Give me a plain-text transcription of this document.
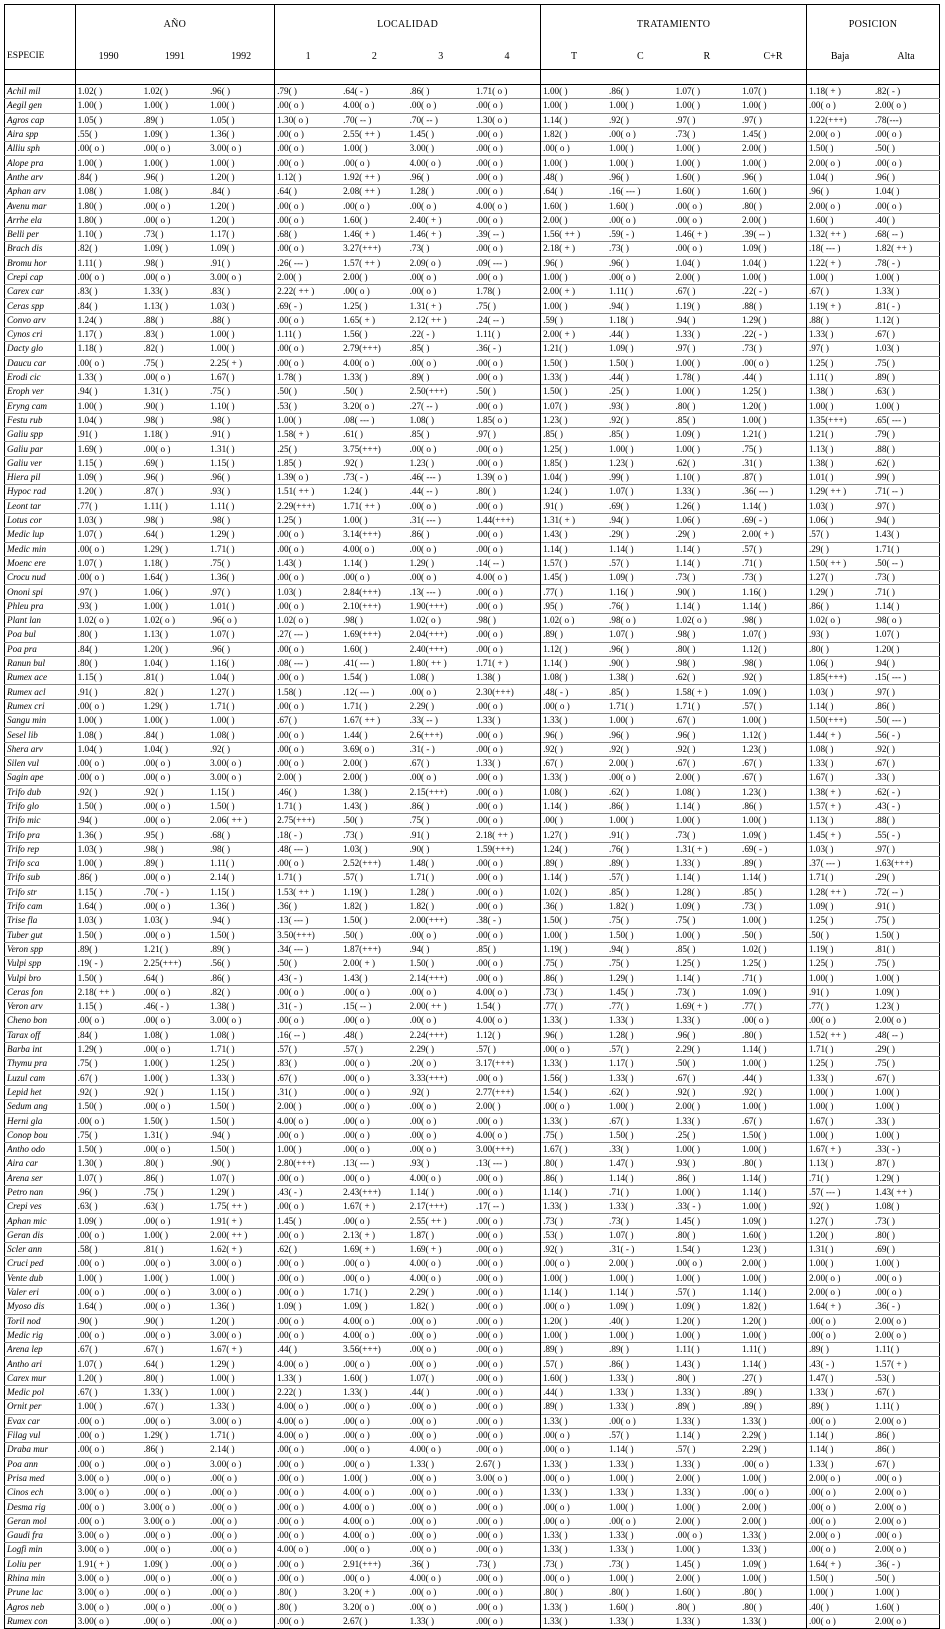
	AÑO			LOCALIDAD				TRATAMIENTO				POSICION	
ESPECIE	1990	1991	1992	1	2	3	4	T	C	R	C+R	Baja	Alta

Achil mil	1.02( )	1.02( )	.96( )	.79( )	.64( - )	.86( )	1.71( o )	1.00( )	.86( )	1.07( )	1.07( )	1.18( + )	.82( - )
Aegil gen	1.00( )	1.00( )	1.00( )	.00( o )	4.00( o )	.00( o )	.00( o )	1.00( )	1.00( )	1.00( )	1.00( )	.00( o )	2.00( o )
Agros cap	1.05( )	.89( )	1.05( )	1.30( o )	.70( -- )	.70( -- )	1.30( o )	1.14( )	.92( )	.97( )	.97( )	1.22(+++)	.78(---)
Aira spp	.55( )	1.09( )	1.36( )	.00( o )	2.55( ++ )	1.45( )	.00( o )	1.82( )	.00( o )	.73( )	1.45( )	2.00( o )	.00( o )
Alliu sph	.00( o )	.00( o )	3.00( o )	.00( o )	1.00( )	3.00( )	.00( o )	.00( o )	1.00( )	1.00( )	2.00( )	1.50( )	.50( )
Alope pra	1.00( )	1.00( )	1.00( )	.00( o )	.00( o )	4.00( o )	.00( o )	1.00( )	1.00( )	1.00( )	1.00( )	2.00( o )	.00( o )
Anthe arv	.84( )	.96( )	1.20( )	1.12( )	1.92( ++ )	.96( )	.00( o )	.48( )	.96( )	1.60( )	.96( )	1.04( )	.96( )
Aphan arv	1.08( )	1.08( )	.84( )	.64( )	2.08( ++ )	1.28( )	.00( o )	.64( )	.16( --- )	1.60( )	1.60( )	.96( )	1.04( )
Avenu mar	1.80( )	.00( o )	1.20( )	.00( o )	.00( o )	.00( o )	4.00( o )	1.60( )	1.60( )	.00( o )	.80( )	2.00( o )	.00( o )
Arrhe ela	1.80( )	.00( o )	1.20( )	.00( o )	1.60( )	2.40( + )	.00( o )	2.00( )	.00( o )	.00( o )	2.00( )	1.60( )	.40( )
Belli per	1.10( )	.73( )	1.17( )	.68( )	1.46( + )	1.46( + )	.39( -- )	1.56( ++ )	.59( - )	1.46( + )	.39( -- )	1.32( ++ )	.68( -- )
Brach dis	.82( )	1.09( )	1.09( )	.00( o )	3.27(+++)	.73( )	.00( o )	2.18( + )	.73( )	.00( o )	1.09( )	.18( --- )	1.82( ++ )
Bromu hor	1.11( )	.98( )	.91( )	.26( --- )	1.57( ++ )	2.09( o )	.09( --- )	.96( )	.96( )	1.04( )	1.04( )	1.22( + )	.78( - )
Crepi cap	.00( o )	.00( o )	3.00( o )	2.00( )	2.00( )	.00( o )	.00( o )	1.00( )	.00( o )	2.00( )	1.00( )	1.00( )	1.00( )
Carex car	.83( )	1.33( )	.83( )	2.22( ++ )	.00( o )	.00( o )	1.78( )	2.00( + )	1.11( )	.67( )	.22( - )	.67( )	1.33( )
Ceras spp	.84( )	1.13( )	1.03( )	.69( - )	1.25( )	1.31( + )	.75( )	1.00( )	.94( )	1.19( )	.88( )	1.19( + )	.81( - )
Convo arv	1.24( )	.88( )	.88( )	.00( o )	1.65( + )	2.12( ++ )	.24( -- )	.59( )	1.18( )	.94( )	1.29( )	.88( )	1.12( )
Cynos cri	1.17( )	.83( )	1.00( )	1.11( )	1.56( )	.22( - )	1.11( )	2.00( + )	.44( )	1.33( )	.22( - )	1.33( )	.67( )
Dacty glo	1.18( )	.82( )	1.00( )	.00( o )	2.79(+++)	.85( )	.36( - )	1.21( )	1.09( )	.97( )	.73( )	.97( )	1.03( )
Daucu car	.00( o )	.75( )	2.25( + )	.00( o )	4.00( o )	.00( o )	.00( o )	1.50( )	1.50( )	1.00( )	.00( o )	1.25( )	.75( )
Erodi cic	1.33( )	.00( o )	1.67( )	1.78( )	1.33( )	.89( )	.00( o )	1.33( )	.44( )	1.78( )	.44( )	1.11( )	.89( )
Eroph ver	.94( )	1.31( )	.75( )	.50( )	.50( )	2.50(+++)	.50( )	1.50( )	.25( )	1.00( )	1.25( )	1.38( )	.63( )
Eryng cam	1.00( )	.90( )	1.10( )	.53( )	3.20( o )	.27( -- )	.00( o )	1.07( )	.93( )	.80( )	1.20( )	1.00( )	1.00( )
Festu rub	1.04( )	.98( )	.98( )	1.00( )	.08( --- )	1.08( )	1.85( o )	1.23( )	.92( )	.85( )	1.00( )	1.35(+++)	.65( --- )
Galiu spp	.91( )	1.18( )	.91( )	1.58( + )	.61( )	.85( )	.97( )	.85( )	.85( )	1.09( )	1.21( )	1.21( )	.79( )
Galiu par	1.69( )	.00( o )	1.31( )	.25( )	3.75(+++)	.00( o )	.00( o )	1.25( )	1.00( )	1.00( )	.75( )	1.13( )	.88( )
Galiu ver	1.15( )	.69( )	1.15( )	1.85( )	.92( )	1.23( )	.00( o )	1.85( )	1.23( )	.62( )	.31( )	1.38( )	.62( )
Hiera pil	1.09( )	.96( )	.96( )	1.39( o )	.73( - )	.46( --- )	1.39( o )	1.04( )	.99( )	1.10( )	.87( )	1.01( )	.99( )
Hypoc rad	1.20( )	.87( )	.93( )	1.51( ++ )	1.24( )	.44( -- )	.80( )	1.24( )	1.07( )	1.33( )	.36( --- )	1.29( ++ )	.71( -- )
Leont tar	.77( )	1.11( )	1.11( )	2.29(+++)	1.71( ++ )	.00( o )	.00( o )	.91( )	.69( )	1.26( )	1.14( )	1.03( )	.97( )
Lotus cor	1.03( )	.98( )	.98( )	1.25( )	1.00( )	.31( --- )	1.44(+++)	1.31( + )	.94( )	1.06( )	.69( - )	1.06( )	.94( )
Medic lup	1.07( )	.64( )	1.29( )	.00( o )	3.14(+++)	.86( )	.00( o )	1.43( )	.29( )	.29( )	2.00( + )	.57( )	1.43( )
Medic min	.00( o )	1.29( )	1.71( )	.00( o )	4.00( o )	.00( o )	.00( o )	1.14( )	1.14( )	1.14( )	.57( )	.29( )	1.71( )
Moenc ere	1.07( )	1.18( )	.75( )	1.43( )	1.14( )	1.29( )	.14( -- )	1.57( )	.57( )	1.14( )	.71( )	1.50( ++ )	.50( -- )
Crocu nud	.00( o )	1.64( )	1.36( )	.00( o )	.00( o )	.00( o )	4.00( o )	1.45( )	1.09( )	.73( )	.73( )	1.27( )	.73( )
Ononi spi	.97( )	1.06( )	.97( )	1.03( )	2.84(+++)	.13( --- )	.00( o )	.77( )	1.16( )	.90( )	1.16( )	1.29( )	.71( )
Phleu pra	.93( )	1.00( )	1.01( )	.00( o )	2.10(+++)	1.90(+++)	.00( o )	.95( )	.76( )	1.14( )	1.14( )	.86( )	1.14( )
Plant lan	1.02( o )	1.02( o )	.96( o )	1.02( o )	.98( )	1.02( o )	.98( )	1.02( o )	.98( o )	1.02( o )	.98( )	1.02( o )	.98( o )
Poa bul	.80( )	1.13( )	1.07( )	.27( --- )	1.69(+++)	2.04(+++)	.00( o )	.89( )	1.07( )	.98( )	1.07( )	.93( )	1.07( )
Poa pra	.84( )	1.20( )	.96( )	.00( o )	1.60( )	2.40(+++)	.00( o )	1.12( )	.96( )	.80( )	1.12( )	.80( )	1.20( )
Ranun bul	.80( )	1.04( )	1.16( )	.08( --- )	.41( --- )	1.80( ++ )	1.71( + )	1.14( )	.90( )	.98( )	.98( )	1.06( )	.94( )
Rumex ace	1.15( )	.81( )	1.04( )	.00( o )	1.54( )	1.08( )	1.38( )	1.08( )	1.38( )	.62( )	.92( )	1.85(+++)	.15( --- )
Rumex acl	.91( )	.82( )	1.27( )	1.58( )	.12( --- )	.00( o )	2.30(+++)	.48( - )	.85( )	1.58( + )	1.09( )	1.03( )	.97( )
Rumex cri	.00( o )	1.29( )	1.71( )	.00( o )	1.71( )	2.29( )	.00( o )	.00( o )	1.71( )	1.71( )	.57( )	1.14( )	.86( )
Sangu min	1.00( )	1.00( )	1.00( )	.67( )	1.67( ++ )	.33( -- )	1.33( )	1.33( )	1.00( )	.67( )	1.00( )	1.50(+++)	.50( --- )
Sesel lib	1.08( )	.84( )	1.08( )	.00( o )	1.44( )	2.6(+++)	.00( o )	.96( )	.96( )	.96( )	1.12( )	1.44( + )	.56( - )
Shera arv	1.04( )	1.04( )	.92( )	.00( o )	3.69( o )	.31( - )	.00( o )	.92( )	.92( )	.92( )	1.23( )	1.08( )	.92( )
Silen vul	.00( o )	.00( o )	3.00( o )	.00( o )	2.00( )	.67( )	1.33( )	.67( )	2.00( )	.67( )	.67( )	1.33( )	.67( )
Sagin ape	.00( o )	.00( o )	3.00( o )	2.00( )	2.00( )	.00( o )	.00( o )	1.33( )	.00( o )	2.00( )	.67( )	1.67( )	.33( )
Trifo dub	.92( )	.92( )	1.15( )	.46( )	1.38( )	2.15(+++)	.00( o )	1.08( )	.62( )	1.08( )	1.23( )	1.38( + )	.62( - )
Trifo glo	1.50( )	.00( o )	1.50( )	1.71( )	1.43( )	.86( )	.00( o )	1.14( )	.86( )	1.14( )	.86( )	1.57( + )	.43( - )
Trifo mic	.94( )	.00( o )	2.06( ++ )	2.75(+++)	.50( )	.75( )	.00( o )	.00( )	1.00( )	1.00( )	1.00( )	1.13( )	.88( )
Trifo pra	1.36( )	.95( )	.68( )	.18( - )	.73( )	.91( )	2.18( ++ )	1.27( )	.91( )	.73( )	1.09( )	1.45( + )	.55( - )
Trifo rep	1.03( )	.98( )	.98( )	.48( --- )	1.03( )	.90( )	1.59(+++)	1.24( )	.76( )	1.31( + )	.69( - )	1.03( )	.97( )
Trifo sca	1.00( )	.89( )	1.11( )	.00( o )	2.52(+++)	1.48( )	.00( o )	.89( )	.89( )	1.33( )	.89( )	.37( --- )	1.63(+++)
Trifo sub	.86( )	.00( o )	2.14( )	1.71( )	.57( )	1.71( )	.00( o )	1.14( )	.57( )	1.14( )	1.14( )	1.71( )	.29( )
Trifo str	1.15( )	.70( - )	1.15( )	1.53( ++ )	1.19( )	1.28( )	.00( o )	1.02( )	.85( )	1.28( )	.85( )	1.28( ++ )	.72( -- )
Trifo cam	1.64( )	.00( o )	1.36( )	.36( )	1.82( )	1.82( )	.00( o )	.36( )	1.82( )	1.09( )	.73( )	1.09( )	.91( )
Trise fla	1.03( )	1.03( )	.94( )	.13( --- )	1.50( )	2.00(+++)	.38( - )	1.50( )	.75( )	.75( )	1.00( )	1.25( )	.75( )
Tuber gut	1.50( )	.00( o )	1.50( )	3.50(+++)	.50( )	.00( o )	.00( o )	1.00( )	1.50( )	1.00( )	.50( )	.50( )	1.50( )
Veron spp	.89( )	1.21( )	.89( )	.34( --- )	1.87(+++)	.94( )	.85( )	1.19( )	.94( )	.85( )	1.02( )	1.19( )	.81( )
Vulpi spp	.19( - )	2.25(+++)	.56( )	.50( )	2.00( + )	1.50( )	.00( o )	.75( )	.75( )	1.25( )	1.25( )	1.25( )	.75( )
Vulpi bro	1.50( )	.64( )	.86( )	.43( - )	1.43( )	2.14(+++)	.00( o )	.86( )	1.29( )	1.14( )	.71( )	1.00( )	1.00( )
Ceras fon	2.18( ++ )	.00( o )	.82( )	.00( o )	.00( o )	.00( o )	4.00( o )	.73( )	1.45( )	.73( )	1.09( )	.91( )	1.09( )
Veron arv	1.15( )	.46( - )	1.38( )	.31( - )	.15( -- )	2.00( ++ )	1.54( )	.77( )	.77( )	1.69( + )	.77( )	.77( )	1.23( )
Cheno bon	.00( o )	.00( o )	3.00( o )	.00( o )	.00( o )	.00( o )	4.00( o )	1.33( )	1.33( )	1.33( )	.00( o )	.00( o )	2.00( o )
Tarax off	.84( )	1.08( )	1.08( )	.16( -- )	.48( )	2.24(+++)	1.12( )	.96( )	1.28( )	.96( )	.80( )	1.52( ++ )	.48( -- )
Barba int	1.29( )	.00( o )	1.71( )	.57( )	.57( )	2.29( )	.57( )	.00( o )	.57( )	2.29( )	1.14( )	1.71( )	.29( )
Thymu pra	.75( )	1.00( )	1.25( )	.83( )	.00( o )	.20( o )	3.17(+++)	1.33( )	1.17( )	.50( )	1.00( )	1.25( )	.75( )
Luzul cam	.67( )	1.00( )	1.33( )	.67( )	.00( o )	3.33(+++)	.00( o )	1.56( )	1.33( )	.67( )	.44( )	1.33( )	.67( )
Lepid het	.92( )	.92( )	1.15( )	.31( )	.00( o )	.92( )	2.77(+++)	1.54( )	.62( )	.92( )	.92( )	1.00( )	1.00( )
Sedum ang	1.50( )	.00( o )	1.50( )	2.00( )	.00( o )	.00( o )	2.00( )	.00( o )	1.00( )	2.00( )	1.00( )	1.00( )	1.00( )
Herni gla	.00( o )	1.50( )	1.50( )	4.00( o )	.00( o )	.00( o )	.00( o )	1.33( )	.67( )	1.33( )	.67( )	1.67( )	.33( )
Conop bou	.75( )	1.31( )	.94( )	.00( o )	.00( o )	.00( o )	4.00( o )	.75( )	1.50( )	.25( )	1.50( )	1.00( )	1.00( )
Antho odo	1.50( )	.00( o )	1.50( )	1.00( )	.00( o )	.00( o )	3.00(+++)	1.67( )	.33( )	1.00( )	1.00( )	1.67( + )	.33( - )
Aira car	1.30( )	.80( )	.90( )	2.80(+++)	.13( --- )	.93( )	.13( --- )	.80( )	1.47( )	.93( )	.80( )	1.13( )	.87( )
Arena ser	1.07( )	.86( )	1.07( )	.00( o )	.00( o )	4.00( o )	.00( o )	.86( )	1.14( )	.86( )	1.14( )	.71( )	1.29( )
Petro nan	.96( )	.75( )	1.29( )	.43( - )	2.43(+++)	1.14( )	.00( o )	1.14( )	.71( )	1.00( )	1.14( )	.57( --- )	1.43( ++ )
Crepi ves	.63( )	.63( )	1.75( ++ )	.00( o )	1.67( + )	2.17(+++)	.17( -- )	1.33( )	1.33( )	.33( - )	1.00( )	.92( )	1.08( )
Aphan mic	1.09( )	.00( o )	1.91( + )	1.45( )	.00( o )	2.55( ++ )	.00( o )	.73( )	.73( )	1.45( )	1.09( )	1.27( )	.73( )
Geran dis	.00( o )	1.00( )	2.00( ++ )	.00( o )	2.13( + )	1.87( )	.00( o )	.53( )	1.07( )	.80( )	1.60( )	1.20( )	.80( )
Scler ann	.58( )	.81( )	1.62( + )	.62( )	1.69( + )	1.69( + )	.00( o )	.92( )	.31( - )	1.54( )	1.23( )	1.31( )	.69( )
Cruci ped	.00( o )	.00( o )	3.00( o )	.00( o )	.00( o )	4.00( o )	.00( o )	.00( o )	2.00( )	.00( o )	2.00( )	1.00( )	1.00( )
Vente dub	1.00( )	1.00( )	1.00( )	.00( o )	.00( o )	4.00( o )	.00( o )	1.00( )	1.00( )	1.00( )	1.00( )	2.00( o )	.00( o )
Valer eri	.00( o )	.00( o )	3.00( o )	.00( o )	1.71( )	2.29( )	.00( o )	1.14( )	1.14( )	.57( )	1.14( )	2.00( o )	.00( o )
Myoso dis	1.64( )	.00( o )	1.36( )	1.09( )	1.09( )	1.82( )	.00( o )	.00( o )	1.09( )	1.09( )	1.82( )	1.64( + )	.36( - )
Toril nod	.90( )	.90( )	1.20( )	.00( o )	4.00( o )	.00( o )	.00( o )	1.20( )	.40( )	1.20( )	1.20( )	.00( o )	2.00( o )
Medic rig	.00( o )	.00( o )	3.00( o )	.00( o )	4.00( o )	.00( o )	.00( o )	1.00( )	1.00( )	1.00( )	1.00( )	.00( o )	2.00( o )
Arena lep	.67( )	.67( )	1.67( + )	.44( )	3.56(+++)	.00( o )	.00( o )	.89( )	.89( )	1.11( )	1.11( )	.89( )	1.11( )
Antho ari	1.07( )	.64( )	1.29( )	4.00( o )	.00( o )	.00( o )	.00( o )	.57( )	.86( )	1.43( )	1.14( )	.43( - )	1.57( + )
Carex mur	1.20( )	.80( )	1.00( )	1.33( )	1.60( )	1.07( )	.00( o )	1.60( )	1.33( )	.80( )	.27( )	1.47( )	.53( )
Medic pol	.67( )	1.33( )	1.00( )	2.22( )	1.33( )	.44( )	.00( o )	.44( )	1.33( )	1.33( )	.89( )	1.33( )	.67( )
Ornit per	1.00( )	.67( )	1.33( )	4.00( o )	.00( o )	.00( o )	.00( o )	.89( )	1.33( )	.89( )	.89( )	.89( )	1.11( )
Evax car	.00( o )	.00( o )	3.00( o )	4.00( o )	.00( o )	.00( o )	.00( o )	1.33( )	.00( o )	1.33( )	1.33( )	.00( o )	2.00( o )
Filag vul	.00( o )	1.29( )	1.71( )	4.00( o )	.00( o )	.00( o )	.00( o )	.00( o )	.57( )	1.14( )	2.29( )	1.14( )	.86( )
Draba mur	.00( o )	.86( )	2.14( )	.00( o )	.00( o )	4.00( o )	.00( o )	.00( o )	1.14( )	.57( )	2.29( )	1.14( )	.86( )
Poa ann	.00( o )	.00( o )	3.00( o )	.00( o )	.00( o )	1.33( )	2.67( )	1.33( )	1.33( )	1.33( )	.00( o )	1.33( )	.67( )
Prisa med	3.00( o )	.00( o )	.00( o )	.00( o )	1.00( )	.00( o )	3.00( o )	.00( o )	1.00( )	2.00( )	1.00( )	2.00( o )	.00( o )
Cinos ech	3.00( o )	.00( o )	.00( o )	.00( o )	4.00( o )	.00( o )	.00( o )	1.33( )	1.33( )	1.33( )	.00( o )	.00( o )	2.00( o )
Desma rig	.00( o )	3.00( o )	.00( o )	.00( o )	4.00( o )	.00( o )	.00( o )	.00( o )	1.00( )	1.00( )	2.00( )	.00( o )	2.00( o )
Geran mol	.00( o )	3.00( o )	.00( o )	.00( o )	4.00( o )	.00( o )	.00( o )	.00( o )	.00( o )	2.00( )	2.00( )	.00( o )	2.00( o )
Gaudi fra	3.00( o )	.00( o )	.00( o )	.00( o )	4.00( o )	.00( o )	.00( o )	1.33( )	1.33( )	.00( o )	1.33( )	2.00( o )	.00( o )
Logfi min	3.00( o )	.00( o )	.00( o )	4.00( o )	.00( o )	.00( o )	.00( o )	1.33( )	1.33( )	1.00( )	1.33( )	.00( o )	2.00( o )
Loliu per	1.91( + )	1.09( )	.00( o )	.00( o )	2.91(+++)	.36( )	.73( )	.73( )	.73( )	1.45( )	1.09( )	1.64( + )	.36( - )
Rhina min	3.00( o )	.00( o )	.00( o )	.00( o )	.00( o )	4.00( o )	.00( o )	.00( o )	1.00( )	2.00( )	1.00( )	1.50( )	.50( )
Prune lac	3.00( o )	.00( o )	.00( o )	.80( )	3.20( + )	.00( o )	.00( o )	.80( )	.80( )	1.60( )	.80( )	1.00( )	1.00( )
Agros neb	3.00( o )	.00( o )	.00( o )	.80( )	3.20( o )	.00( o )	.00( o )	1.33( )	1.60( )	.80( )	.80( )	.40( )	1.60( )
Rumex con	3.00( o )	.00( o )	.00( o )	.00( o )	2.67( )	1.33( )	.00( o )	1.33( )	1.33( )	1.33( )	1.33( )	.00( o )	2.00( o )
